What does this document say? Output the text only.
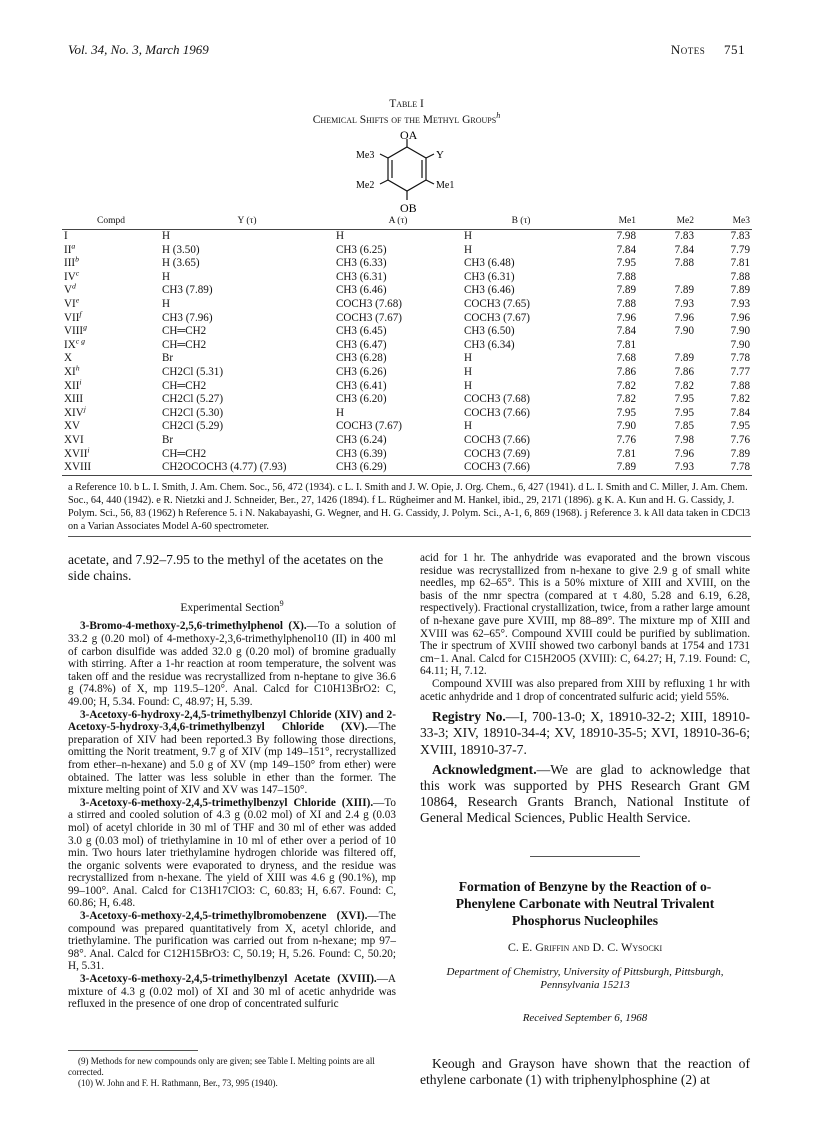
Vol. 34, No. 3, March 1969	Notes 751
Table I
Chemical Shifts of the Methyl Groups$^h$
OA
OB
Y
Me1
Me3
Me2
Compd	Y (τ)	A (τ)	B (τ)	Me1	Me2	Me3
I	H	H	H	7.98	7.83	7.83
$II^a$	H (3.50)	CH3 (6.25)	H	7.84	7.84	7.79
III$^b$	H (3.65)	CH3 (6.33)	CH3 (6.48)	7.95	7.88	7.81
$IV^c$	H	CH3 (6.31)	CH3 (6.31)	7.88		7.88
$V^d$	CH3 (7.89)	CH3 (6.46)	CH3 (6.46)	7.89	7.89	7.89
VIe	H	COCH3 (7.68)	COCH3 (7.65)	7.88	7.93	7.93
VII$^f$	CH3 (7.96)	COCH3 (7.67)	COCH3 (7.67)	7.96	7.96	7.96
VIII$^g$	CH═CH2	CH3 (6.45)	CH3 (6.50)	7.84	7.90	7.90
$IX^{c g}$	CH═CH2	CH3 (6.47)	CH3 (6.34)	7.81		7.90
X	Br	CH3 (6.28)	H	7.68	7.89	7.78
$XI^h$	CH2Cl (5.31)	CH3 (6.26)	H	7.86	7.86	7.77
XII$^i$	CH═CH2	CH3 (6.41)	H	7.82	7.82	7.88
XIII	CH2Cl (5.27)	CH3 (6.20)	COCH3 (7.68)	7.82	7.95	7.82
XIV$^j$	CH2Cl (5.30)	H	COCH3 (7.66)	7.95	7.95	7.84
XV	CH2Cl (5.29)	COCH3 (7.67)	H	7.90	7.85	7.95
XVI	Br	CH3 (6.24)	COCH3 (7.66)	7.76	7.98	7.76
XVII$^i$	CH═CH2	CH3 (6.39)	COCH3 (7.69)	7.81	7.96	7.89
XVIII	CH2OCOCH3 (4.77) (7.93)	CH3 (6.29)	COCH3 (7.66)	7.89	7.93	7.78
a Reference 10. b L. I. Smith, J. Am. Chem. Soc., 56, 472 (1934). c L. I. Smith and J. W. Opie, J. Org. Chem., 6, 427 (1941). d L. I. Smith and C. Miller, J. Am. Chem. Soc., 64, 440 (1942). e R. Nietzki and J. Schneider, Ber., 27, 1426 (1894). f L. Rügheimer and M. Hankel, ibid., 29, 2171 (1896). g K. A. Kun and H. G. Cassidy, J. Polym. Sci., 56, 83 (1962) h Reference 5. i N. Nakabayashi, G. Wegner, and H. G. Cassidy, J. Polym. Sci., A-1, 6, 869 (1968). j Reference 3. k All data taken in CDCl3 on a Varian Associates Model A-60 spectrometer.

acetate, and 7.92–7.95 to the methyl of the acetates on the side chains.

Experimental Section$^9$

3-Bromo-4-methoxy-2,5,6-trimethylphenol (X).—To a solution of 33.2 g (0.20 mol) of 4-methoxy-2,3,6-trimethylphenol10 (II) in 400 ml of carbon disulfide was added 32.0 g (0.20 mol) of bromine gradually with stirring. After a 1-hr reaction at room temperature, the solvent was taken off and the residue was recrystallized from n-heptane to give 36.6 g (74.8%) of X, mp 119.5–120°. Anal. Calcd for C10H13BrO2: C, 49.00; H, 5.34. Found: C, 48.97; H, 5.39.

3-Acetoxy-6-hydroxy-2,4,5-trimethylbenzyl Chloride (XIV) and 2-Acetoxy-5-hydroxy-3,4,6-trimethylbenzyl Chloride (XV).—The preparation of XIV had been reported.3 By following those directions, omitting the Norit treatment, 9.7 g of XIV (mp 149–151°, recrystallized from ether–n-hexane) and 5.0 g of XV (mp 149–150° from ether) were obtained. The latter was less soluble in ether than the former. The mixture melting point of XIV and XV was 147–150°.

3-Acetoxy-6-methoxy-2,4,5-trimethylbenzyl Chloride (XIII).—To a stirred and cooled solution of 4.3 g (0.02 mol) of XI and 2.4 g (0.03 mol) of acetyl chloride in 30 ml of THF and 30 ml of ether was added 3.0 g (0.03 mol) of triethylamine in 10 ml of ether over a period of 10 min. Two hours later triethylamine hydrogen chloride was filtered off, the organic solvents were evaporated to dryness, and the residue was recrystallized from n-hexane. The yield of XIII was 4.6 g (90.1%), mp 99–100°. Anal. Calcd for C13H17ClO3: C, 60.83; H, 6.67. Found: C, 60.86; H, 6.48.

3-Acetoxy-6-methoxy-2,4,5-trimethylbromobenzene (XVI).—The compound was prepared quantitatively from X, acetyl chloride, and triethylamine. The purification was carried out from n-hexane; mp 97–98°. Anal. Calcd for C12H15BrO3: C, 50.19; H, 5.26. Found: C, 50.20; H, 5.31.

3-Acetoxy-6-methoxy-2,4,5-trimethylbenzyl Acetate (XVIII).—A mixture of 4.3 g (0.02 mol) of XI and 30 ml of acetic anhydride was refluxed in the presence of one drop of concentrated sulfuric

(9) Methods for new compounds only are given; see Table I. Melting points are all corrected.

(10) W. John and F. H. Rathmann, Ber., 73, 995 (1940).

acid for 1 hr. The anhydride was evaporated and the brown viscous residue was recrystallized from n-hexane to give 2.9 g of small white needles, mp 62–65°. This is a 50% mixture of XIII and XVIII, on the basis of the nmr spectra (compared at τ 4.80, 5.28 and 6.19, 6.28, respectively). Fractional crystallization, twice, from a rather large amount of n-hexane gave pure XVIII, mp 88–89°. The mixture mp of XIII and XVIII was 62–65°. Compound XVIII could be purified by sublimation. The ir spectrum of XVIII showed two carbonyl bands at 1754 and 1731 cm−1. Anal. Calcd for C15H20O5 (XVIII): C, 64.27; H, 7.19. Found: C, 64.11; H, 7.12.

Compound XVIII was also prepared from XIII by refluxing 1 hr with acetic anhydride and 1 drop of concentrated sulfuric acid; yield 55%.

Registry No.—I, 700-13-0; X, 18910-32-2; XIII, 18910-33-3; XIV, 18910-34-4; XV, 18910-35-5; XVI, 18910-36-6; XVIII, 18910-37-7.

Acknowledgment.—We are glad to acknowledge that this work was supported by PHS Research Grant GM 10864, Research Grants Branch, National Institute of General Medical Sciences, Public Health Service.

Formation of Benzyne by the Reaction of o-Phenylene Carbonate with Neutral Trivalent Phosphorus Nucleophiles
C. E. Griffin and D. C. Wysocki
Department of Chemistry, University of Pittsburgh, Pittsburgh, Pennsylvania 15213
Received September 6, 1968
Keough and Grayson have shown that the reaction of ethylene carbonate (1) with triphenylphosphine (2) at
